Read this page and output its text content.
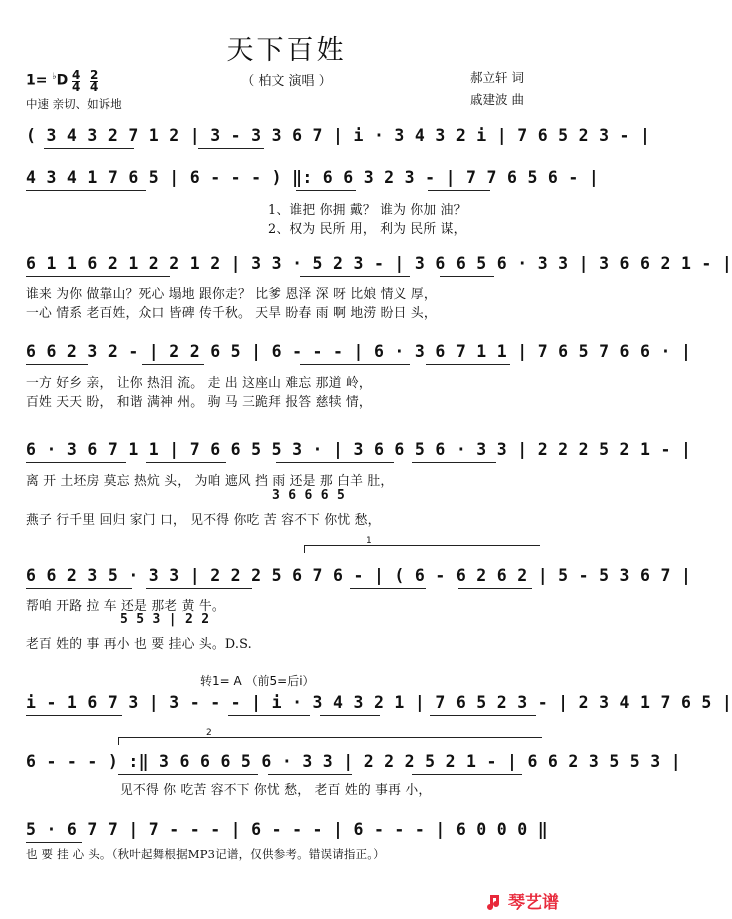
天下百姓
（ 柏文 演唱 ）	郝立轩 词
戚建波 曲
1= ♭D 4
4
2
4
中速 亲切、如诉地
( 3 4 3 2 7 1 2 | 3 - 3 3 6 7 | i · 3 4 3 2 i | 7 6 5 2 3 - |
4 3 4 1 7 6 5 | 6 - - - ) ‖: 6 6 3 2 3 - | 7 7 6 5 6 - |
1、谁把 你拥 戴？ 谁为 你加 油？
2、权为 民所 用， 利为 民所 谋，
6 1 1 6 2 1 2 2 1 2 | 3 3 · 5 2 3 - | 3 6 6 5 6 · 3 3 | 3 6 6 2 1 - |
谁来 为你 做靠山？死心 塌地 跟你走？ 比爹 恩泽 深 呀 比娘 情义 厚，
一心 情系 老百姓，众口 皆碑 传千秋。 天旱 盼春 雨 啊 地涝 盼日 头，
6 6 2 3 2 - | 2 2 6 5 | 6 - - - | 6 · 3 6 7 1 1 | 7 6 5 7 6 6 · |
一方 好乡 亲， 让你 热泪 流。 走 出 这座山 难忘 那道 岭，
百姓 天天 盼， 和谐 满神 州。 驹 马 三跪拜 报答 慈犊 情，
6 · 3 6 7 1 1 | 7 6 6 5 5 3 · | 3 6 6 5 6 · 3 3 | 2 2 2 5 2 1 - |
离 开 土坯房 莫忘 热炕 头， 为咱 遮风 挡 雨 还是 那 白羊 肚，
3 6 6 6 5
燕子 行千里 回归 家门 口， 见不得 你吃 苦 容不下 你忧 愁，
1
6 6 2 3 5 · 3 3 | 2 2 2 5 6 7 6 - | ( 6 - 6 2 6 2 | 5 - 5 3 6 7 |
帮咱 开路 拉 车 还是 那老 黄 牛。
5 5 3 | 2 2
老百 姓的 事 再小 也 要 挂心 头。D.S.
转1= A （前5=后i）
i - 1 6 7 3 | 3 - - - | i · 3 4 3 2 1 | 7 6 5 2 3 - | 2 3 4 1 7 6 5 |
2
6 - - - ) :‖ 3 6 6 6 5 6 · 3 3 | 2 2 2 5 2 1 - | 6 6 2 3 5 5 3 |
见不得 你 吃苦 容不下 你忧 愁， 老百 姓的 事再 小，
5 · 6 7 7 | 7 - - - | 6 - - - | 6 - - - | 6 0 0 0 ‖
也 要 挂 心 头。（秋叶起舞根据MP3记谱，仅供参考。错误请指正。）
琴艺谱
